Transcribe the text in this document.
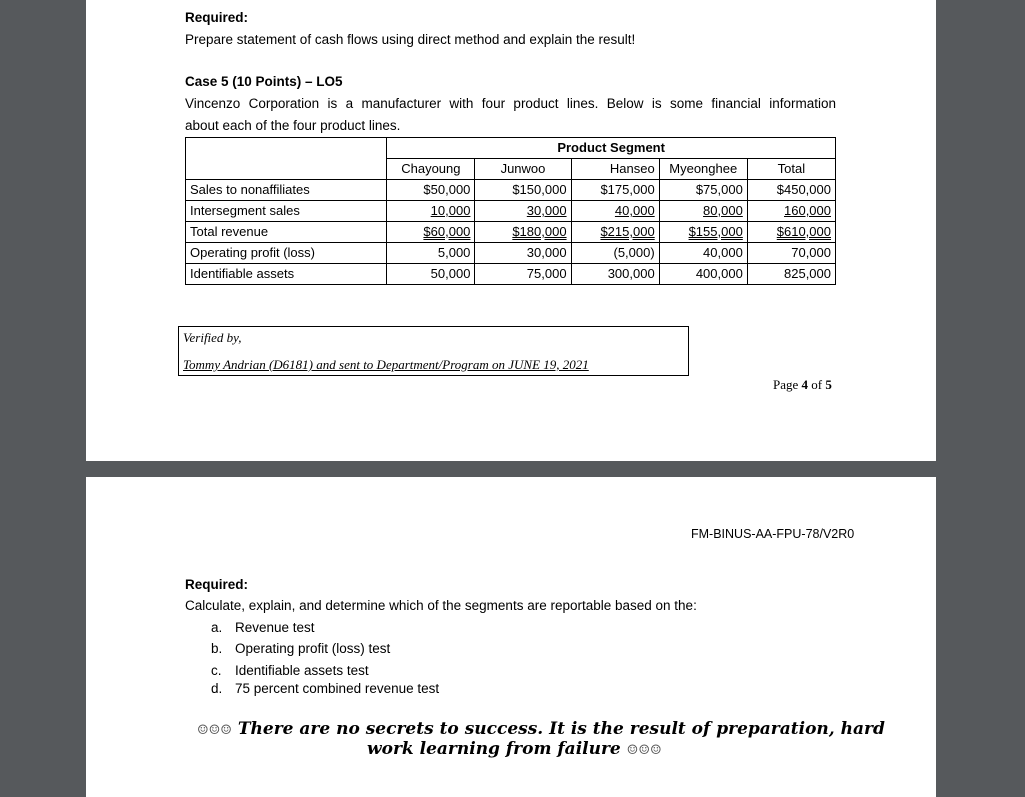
Required:
Prepare statement of cash flows using direct method and explain the result!
Case 5 (10 Points) – LO5
Vincenzo Corporation is a manufacturer with four product lines. Below is some financial information
about each of the four product lines.
	Product Segment				
	Chayoung	Junwoo	Hanseo	Myeonghee	Total
Sales to nonaffiliates	$50,000	$150,000	$175,000	$75,000	$450,000
Intersegment sales	10,000	30,000	40,000	80,000	160,000
Total revenue	$60,000	$180,000	$215,000	$155,000	$610,000
Operating profit (loss)	5,000	30,000	(5,000)	40,000	70,000
Identifiable assets	50,000	75,000	300,000	400,000	825,000
Verified by,
Tommy Andrian (D6181) and sent to Department/Program on JUNE 19, 2021
Page 4 of 5
FM-BINUS-AA-FPU-78/V2R0
Required:
Calculate, explain, and determine which of the segments are reportable based on the:
a. Revenue test
b. Operating profit (loss) test
c. Identifiable assets test
d. 75 percent combined revenue test
☺☺☺ There are no secrets to success. It is the result of preparation, hard
work learning from failure ☺☺☺
